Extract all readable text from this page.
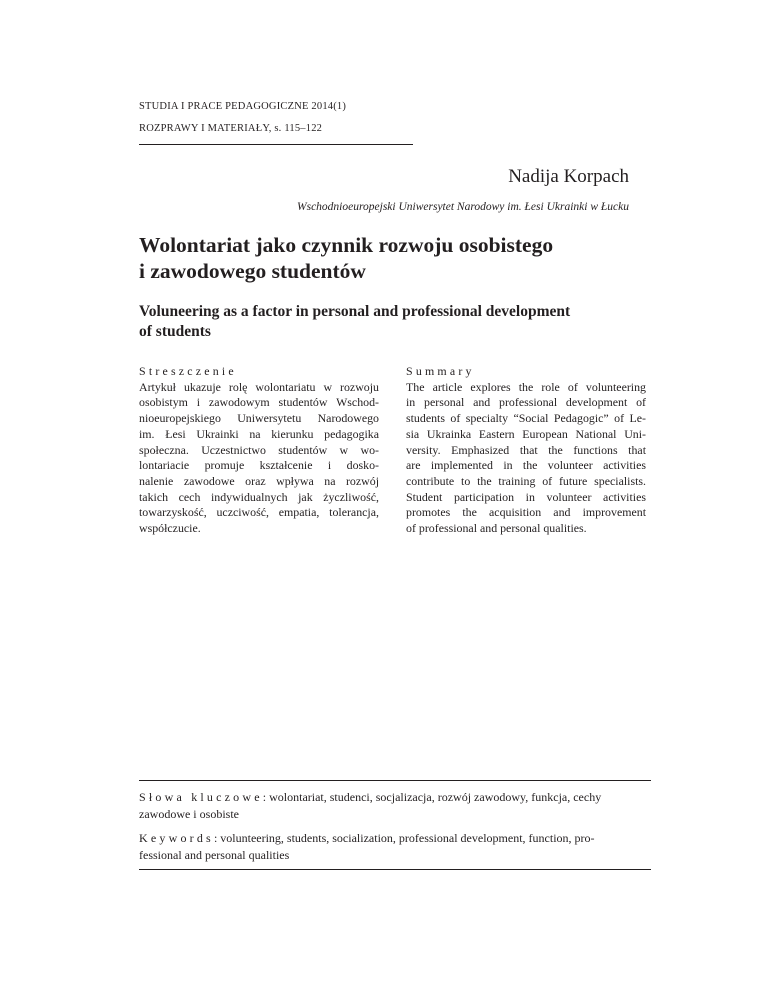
STUDIA I PRACE PEDAGOGICZNE 2014(1)
ROZPRAWY I MATERIAŁY, s. 115–122
Nadija Korpach
Wschodnioeuropejski Uniwersytet Narodowy im. Łesi Ukrainki w Łucku
Wolontariat jako czynnik rozwoju osobistego
i zawodowego studentów
Voluneering as a factor in personal and professional development
of students
Streszczenie

Artykuł ukazuje rolę wolontariatu w rozwoju

osobistym i zawodowym studentów Wschod-

nioeuropejskiego Uniwersytetu Narodowego

im. Łesi Ukrainki na kierunku pedagogika

społeczna. Uczestnictwo studentów w wo-

lontariacie promuje kształcenie i dosko-

nalenie zawodowe oraz wpływa na rozwój

takich cech indywidualnych jak życzliwość,

towarzyskość, uczciwość, empatia, tolerancja,

współczucie.

Summary

The article explores the role of volunteering

in personal and professional development of

students of specialty “Social Pedagogic” of Le-

sia Ukrainka Eastern European National Uni-

versity. Emphasized that the functions that

are implemented in the volunteer activities

contribute to the training of future specialists.

Student participation in volunteer activities

promotes the acquisition and improvement

of professional and personal qualities.

Słowa kluczowe: wolontariat, studenci, socjalizacja, rozwój zawodowy, funkcja, cechy

zawodowe i osobiste

Keywords: volunteering, students, socialization, professional development, function, pro-

fessional and personal qualities
